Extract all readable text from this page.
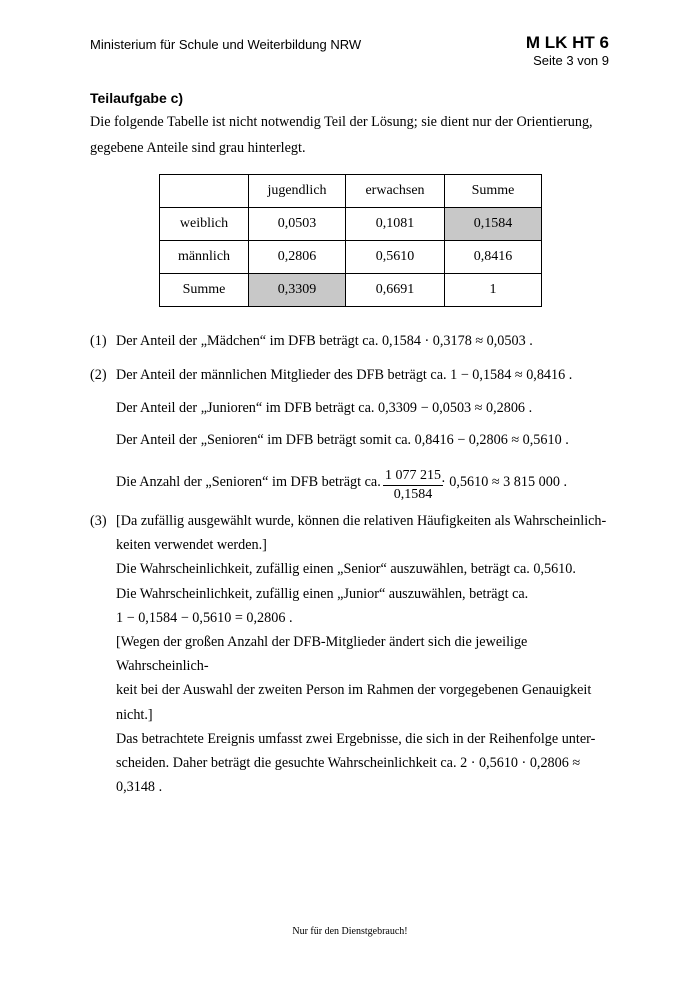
Ministerium für Schule und Weiterbildung NRW	M LK HT 6
Seite 3 von 9
Teilaufgabe c)
Die folgende Tabelle ist nicht notwendig Teil der Lösung; sie dient nur der Orientierung, gegebene Anteile sind grau hinterlegt.
	jugendlich	erwachsen	Summe
weiblich	0,0503	0,1081	0,1584
männlich	0,2806	0,5610	0,8416
Summe	0,3309	0,6691	1
(1) Der Anteil der „Mädchen“ im DFB beträgt ca. 0,1584 · 0,3178 ≈ 0,0503 .
(2) Der Anteil der männlichen Mitglieder des DFB beträgt ca. 1 − 0,1584 ≈ 0,8416 .
Der Anteil der „Junioren“ im DFB beträgt ca. 0,3309 − 0,0503 ≈ 0,2806 .
Der Anteil der „Senioren“ im DFB beträgt somit ca. 0,8416 − 0,2806 ≈ 0,5610 .
Die Anzahl der „Senioren“ im DFB beträgt ca. $\frac{1 077 215}{0,1584}$
· 0,5610 ≈ 3 815 000 .
(3) [Da zufällig ausgewählt wurde, können die relativen Häufigkeiten als Wahrscheinlich-
keiten verwendet werden.]
Die Wahrscheinlichkeit, zufällig einen „Senior“ auszuwählen, beträgt ca. 0,5610.
Die Wahrscheinlichkeit, zufällig einen „Junior“ auszuwählen, beträgt ca.
1 − 0,1584 − 0,5610 = 0,2806 .
[Wegen der großen Anzahl der DFB-Mitglieder ändert sich die jeweilige Wahrscheinlich-
keit bei der Auswahl der zweiten Person im Rahmen der vorgegebenen Genauigkeit nicht.]
Das betrachtete Ereignis umfasst zwei Ergebnisse, die sich in der Reihenfolge unter-
scheiden. Daher beträgt die gesuchte Wahrscheinlichkeit ca. 2 · 0,5610 · 0,2806 ≈ 0,3148 .
Nur für den Dienstgebrauch!
